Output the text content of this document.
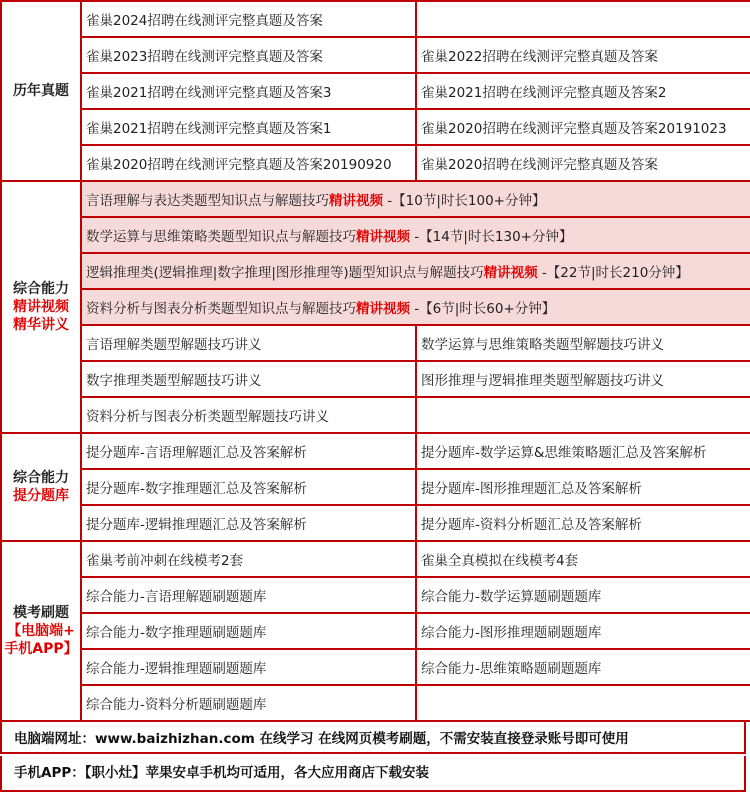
历年真题	雀巢2024招聘在线测评完整真题及答案	
	雀巢2023招聘在线测评完整真题及答案	雀巢2022招聘在线测评完整真题及答案
	雀巢2021招聘在线测评完整真题及答案3	雀巢2021招聘在线测评完整真题及答案2
	雀巢2021招聘在线测评完整真题及答案1	雀巢2020招聘在线测评完整真题及答案20191023
	雀巢2020招聘在线测评完整真题及答案20190920	雀巢2020招聘在线测评完整真题及答案

综合能力
精讲视频
精华讲义	言语理解与表达类题型知识点与解题技巧精讲视频 -【10节|时长100+分钟】	
	数学运算与思维策略类题型知识点与解题技巧精讲视频 -【14节|时长130+分钟】	
	逻辑推理类(逻辑推理|数字推理|图形推理等)题型知识点与解题技巧精讲视频 -【22节|时长210分钟】	
	资料分析与图表分析类题型知识点与解题技巧精讲视频 -【6节|时长60+分钟】	
	言语理解类题型解题技巧讲义	数学运算与思维策略类题型解题技巧讲义
	数字推理类题型解题技巧讲义	图形推理与逻辑推理类题型解题技巧讲义
	资料分析与图表分析类题型解题技巧讲义	

综合能力
提分题库	提分题库-言语理解题汇总及答案解析	提分题库-数学运算&思维策略题汇总及答案解析
	提分题库-数字推理题汇总及答案解析	提分题库-图形推理题汇总及答案解析
	提分题库-逻辑推理题汇总及答案解析	提分题库-资料分析题汇总及答案解析

模考刷题
【电脑端+
手机APP】	雀巢考前冲刺在线模考2套	雀巢全真模拟在线模考4套
	综合能力-言语理解题刷题题库	综合能力-数学运算题刷题题库
	综合能力-数字推理题刷题题库	综合能力-图形推理题刷题题库
	综合能力-逻辑推理题刷题题库	综合能力-思维策略题刷题题库
	综合能力-资料分析题刷题题库	
电脑端网址：www.baizhizhan.com 在线学习 在线网页模考刷题，不需安装直接登录账号即可使用
手机APP：【职小灶】苹果安卓手机均可适用，各大应用商店下载安装
